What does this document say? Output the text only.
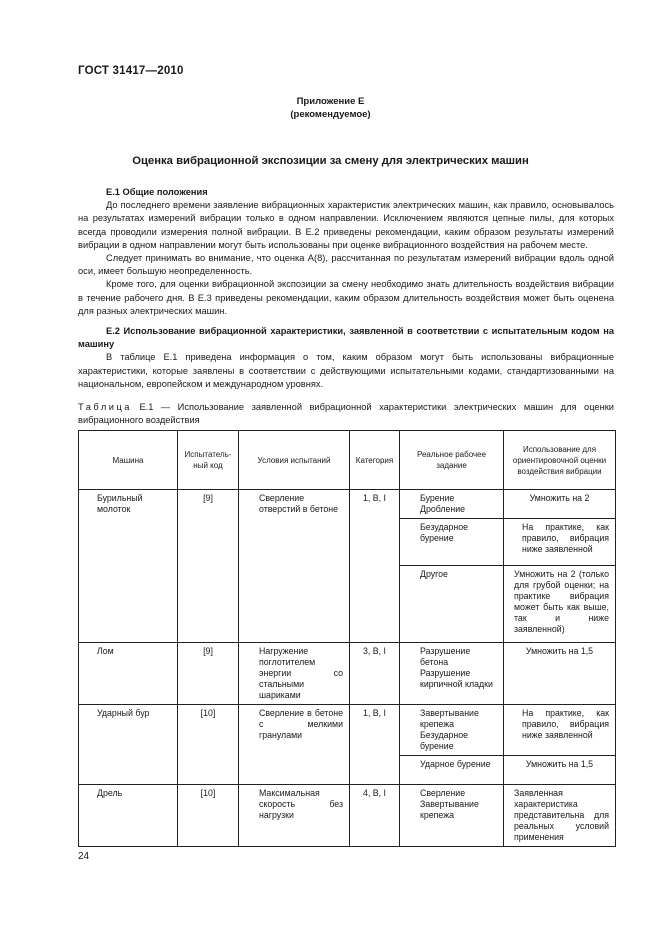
ГОСТ 31417—2010
Приложение Е
(рекомендуемое)
Оценка вибрационной экспозиции за смену для электрических машин

Е.1 Общие положения

До последнего времени заявление вибрационных характеристик электрических машин, как правило, основывалось на результатах измерений вибрации только в одном направлении. Исключением являются цепные пилы, для которых всегда проводили измерения полной вибрации. В Е.2 приведены рекомендации, каким образом результаты измерений вибрации в одном направлении могут быть использованы при оценке вибрационного воздействия на рабочем месте.

Следует принимать во внимание, что оценка A(8), рассчитанная по результатам измерений вибрации вдоль одной оси, имеет большую неопределенность.

Кроме того, для оценки вибрационной экспозиции за смену необходимо знать длительность воздействия вибрации в течение рабочего дня. В Е.3 приведены рекомендации, каким образом длительность воздействия может быть оценена для разных электрических машин.

Е.2 Использование вибрационной характеристики, заявленной в соответствии с испытательным кодом на машину

В таблице Е.1 приведена информация о том, каким образом могут быть использованы вибрационные характеристики, которые заявлены в соответствии с действующими испытательными кодами, стандартизованными на национальном, европейском и международном уровнях.

Таблица Е.1 — Использование заявленной вибрационной характеристики электрических машин для оценки вибрационного воздействия
Машина	Испытатель-ный код	Условия испытаний	Категория	Реальное рабочее задание	Использование для ориентировочной оценки воздействия вибрации

Бурильный молоток	[9]	Сверление отверстий в бетоне	1, В, I	Бурение Дробление	Умножить на 2
				Безударное бурение	На практике, как правило, вибрация ниже заявленной
				Другое	Умножить на 2 (только для грубой оценки; на практике вибрация может быть как выше, так и ниже заявленной)
Лом	[9]	Нагружение поглотителем энергии со стальными шариками	3, В, I	Разрушение бетона Разрушение кирпичной кладки	Умножить на 1,5
Ударный бур	[10]	Сверление в бетоне с мелкими гранулами	1, В, I	Завертывание крепежа Безударное бурение	На практике, как правило, вибрация ниже заявленной
				Ударное бурение	Умножить на 1,5
Дрель	[10]	Максимальная скорость без нагрузки	4, В, I	Сверление Завертывание крепежа	Заявленная характеристика представительна для реальных условий применения
24
